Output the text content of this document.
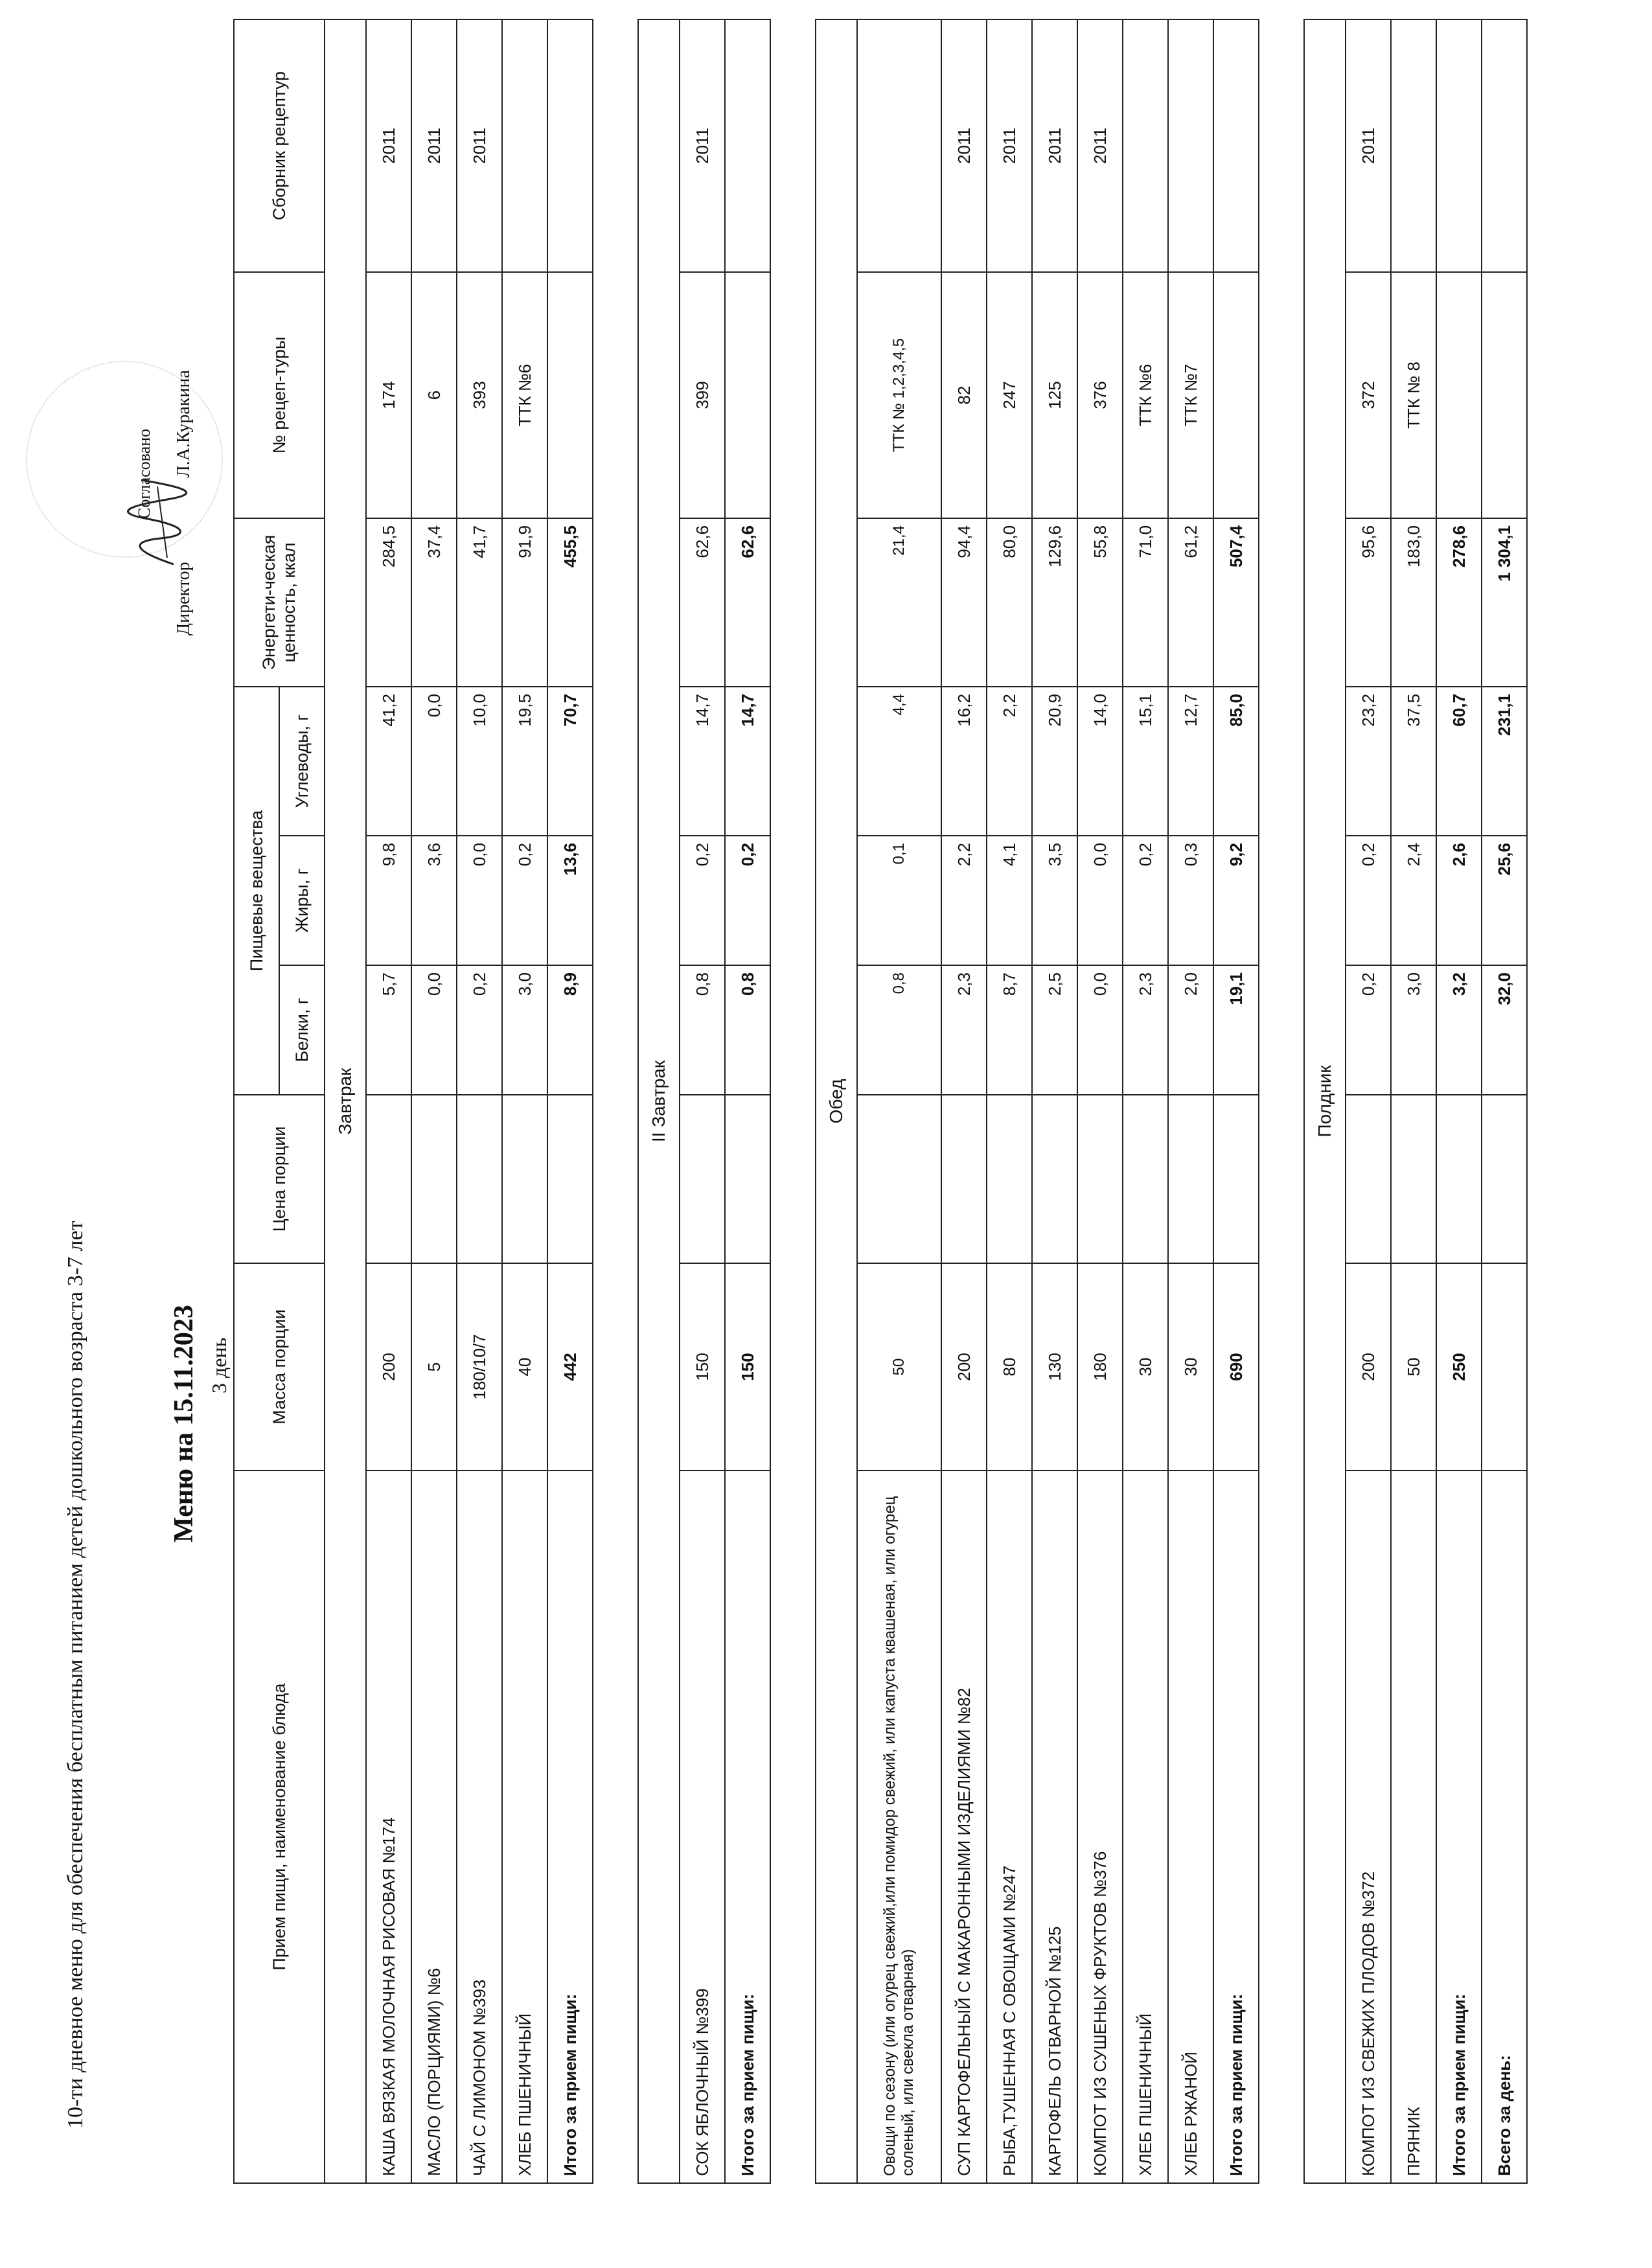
10-ти дневное меню для обеспечения бесплатным питанием детей дошкольного возраста 3-7 лет	Меню на 15.11.2023 3 день
Согласовано
ДиректорЛ.А.Куракина
Прием пищи, наименование блюда	Масса порции	Цена порции	Пищевые вещества			Энергети-ческая ценность, ккал	№ рецеп-туры	Сборник рецептур
			Белки, г	Жиры, г	Углеводы, г			
Завтрак								
КАША ВЯЗКАЯ МОЛОЧНАЯ РИСОВАЯ №174	200		5,7	9,8	41,2	284,5	174	2011
МАСЛО (ПОРЦИЯМИ) №6	5		0,0	3,6	0,0	37,4	6	2011
ЧАЙ С ЛИМОНОМ №393	180/10/7		0,2	0,0	10,0	41,7	393	2011
ХЛЕБ ПШЕНИЧНЫЙ	40		3,0	0,2	19,5	91,9	ТТК №6	
Итого за прием пищи:	442		8,9	13,6	70,7	455,5		

II Завтрак								
СОК ЯБЛОЧНЫЙ №399	150		0,8	0,2	14,7	62,6	399	2011
Итого за прием пищи:	150		0,8	0,2	14,7	62,6		

Обед								
Овощи по сезону (или огурец свежий,или помидор свежий, или капуста квашеная, или огурец соленый, или свекла отварная)	50		0,8	0,1	4,4	21,4	ТТК № 1,2,3,4,5	
СУП КАРТОФЕЛЬНЫЙ С МАКАРОННЫМИ ИЗДЕЛИЯМИ №82	200		2,3	2,2	16,2	94,4	82	2011
РЫБА,ТУШЕННАЯ С ОВОЩАМИ №247	80		8,7	4,1	2,2	80,0	247	2011
КАРТОФЕЛЬ ОТВАРНОЙ №125	130		2,5	3,5	20,9	129,6	125	2011
КОМПОТ ИЗ СУШЕНЫХ ФРУКТОВ №376	180		0,0	0,0	14,0	55,8	376	2011
ХЛЕБ ПШЕНИЧНЫЙ	30		2,3	0,2	15,1	71,0	ТТК №6	
ХЛЕБ РЖАНОЙ	30		2,0	0,3	12,7	61,2	ТТК №7	
Итого за прием пищи:	690		19,1	9,2	85,0	507,4		

Полдник								
КОМПОТ ИЗ СВЕЖИХ ПЛОДОВ №372	200		0,2	0,2	23,2	95,6	372	2011
ПРЯНИК	50		3,0	2,4	37,5	183,0	ТТК № 8	
Итого за прием пищи:	250		3,2	2,6	60,7	278,6		
Всего за день:			32,0	25,6	231,1	1 304,1		
